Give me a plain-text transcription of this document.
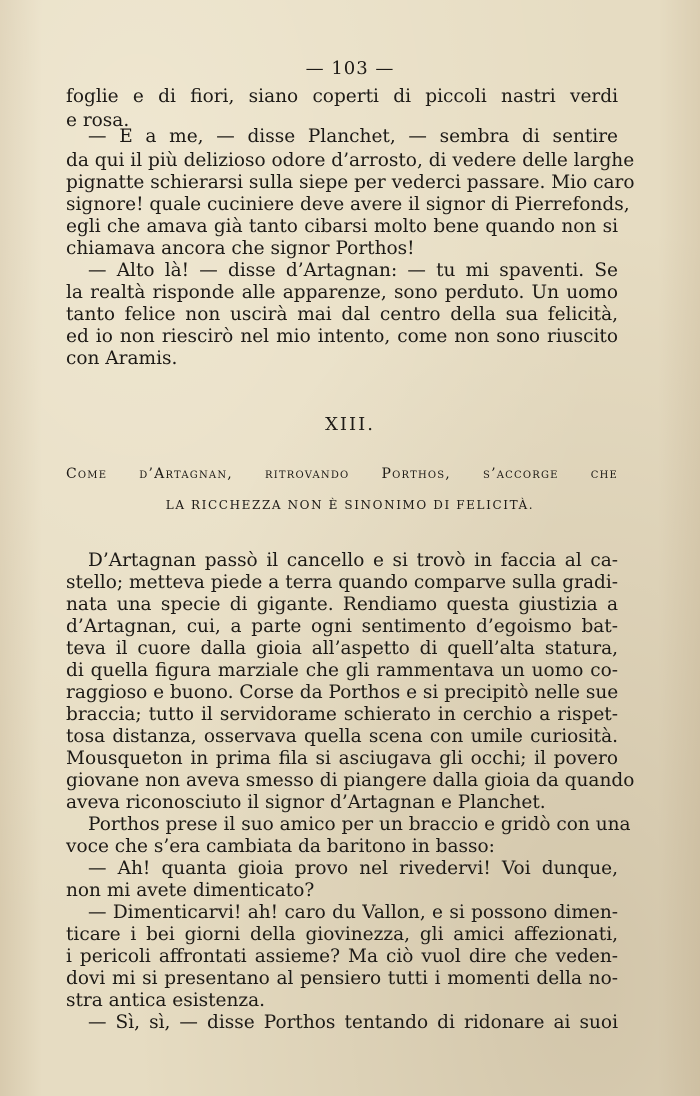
— 103 —
foglie e di fiori, siano coperti di piccoli nastri verdi
e rosa.
— E a me, — disse Planchet, — sembra di sentire
da qui il più delizioso odore d’arrosto, di vedere delle larghe
pignatte schierarsi sulla siepe per vederci passare. Mio caro
signore! quale cuciniere deve avere il signor di Pierrefonds,
egli che amava già tanto cibarsi molto bene quando non si
chiamava ancora che signor Porthos!
— Alto là! — disse d’Artagnan: — tu mi spaventi. Se
la realtà risponde alle apparenze, sono perduto. Un uomo
tanto felice non uscirà mai dal centro della sua felicità,
ed io non riescirò nel mio intento, come non sono riuscito
con Aramis.
XIII.
Come d’Artagnan, ritrovando Porthos, s’accorge che
LA RICCHEZZA NON È SINONIMO DI FELICITÀ.
D’Artagnan passò il cancello e si trovò in faccia al ca-
stello; metteva piede a terra quando comparve sulla gradi-
nata una specie di gigante. Rendiamo questa giustizia a
d’Artagnan, cui, a parte ogni sentimento d’egoismo bat-
teva il cuore dalla gioia all’aspetto di quell’alta statura,
di quella figura marziale che gli rammentava un uomo co-
raggioso e buono. Corse da Porthos e si precipitò nelle sue
braccia; tutto il servidorame schierato in cerchio a rispet-
tosa distanza, osservava quella scena con umile curiosità.
Mousqueton in prima fila si asciugava gli occhi; il povero
giovane non aveva smesso di piangere dalla gioia da quando
aveva riconosciuto il signor d’Artagnan e Planchet.
Porthos prese il suo amico per un braccio e gridò con una
voce che s’era cambiata da baritono in basso:
— Ah! quanta gioia provo nel rivedervi! Voi dunque,
non mi avete dimenticato?
— Dimenticarvi! ah! caro du Vallon, e si possono dimen-
ticare i bei giorni della giovinezza, gli amici affezionati,
i pericoli affrontati assieme? Ma ciò vuol dire che veden-
dovi mi si presentano al pensiero tutti i momenti della no-
stra antica esistenza.
— Sì, sì, — disse Porthos tentando di ridonare ai suoi
